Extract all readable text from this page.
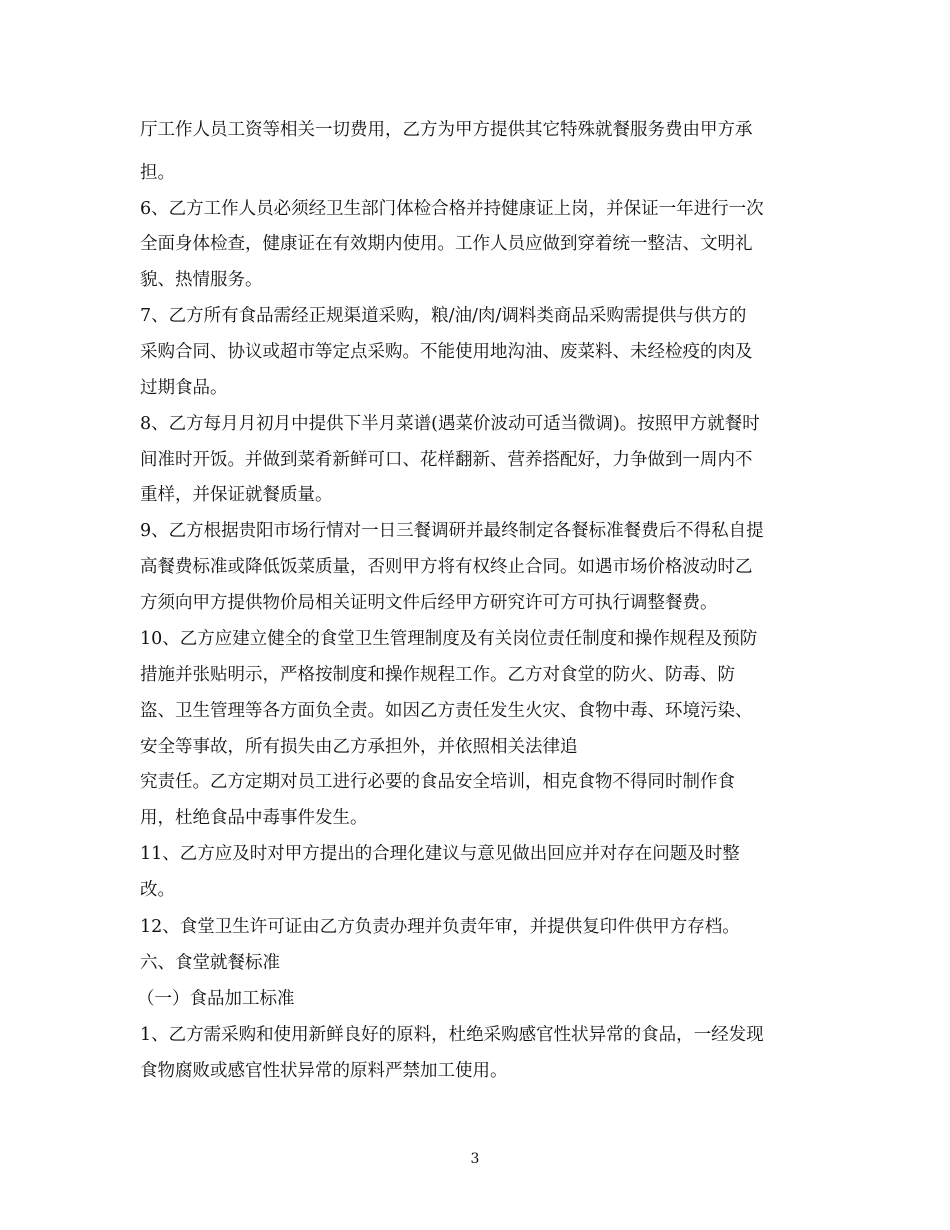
厅工作人员工资等相关一切费用，乙方为甲方提供其它特殊就餐服务费由甲方承
担。
6、乙方工作人员必须经卫生部门体检合格并持健康证上岗，并保证一年进行一次
全面身体检查，健康证在有效期内使用。工作人员应做到穿着统一整洁、文明礼
貌、热情服务。
7、乙方所有食品需经正规渠道采购，粮/油/肉/调料类商品采购需提供与供方的
采购合同、协议或超市等定点采购。不能使用地沟油、废菜料、未经检疫的肉及
过期食品。
8、乙方每月月初月中提供下半月菜谱(遇菜价波动可适当微调)。按照甲方就餐时
间准时开饭。并做到菜肴新鲜可口、花样翻新、营养搭配好，力争做到一周内不
重样，并保证就餐质量。
9、乙方根据贵阳市场行情对一日三餐调研并最终制定各餐标准餐费后不得私自提
高餐费标准或降低饭菜质量，否则甲方将有权终止合同。如遇市场价格波动时乙
方须向甲方提供物价局相关证明文件后经甲方研究许可方可执行调整餐费。
10、乙方应建立健全的食堂卫生管理制度及有关岗位责任制度和操作规程及预防
措施并张贴明示，严格按制度和操作规程工作。乙方对食堂的防火、防毒、防
盗、卫生管理等各方面负全责。如因乙方责任发生火灾、食物中毒、环境污染、
安全等事故，所有损失由乙方承担外，并依照相关法律追
究责任。乙方定期对员工进行必要的食品安全培训，相克食物不得同时制作食
用，杜绝食品中毒事件发生。
11、乙方应及时对甲方提出的合理化建议与意见做出回应并对存在问题及时整
改。
12、食堂卫生许可证由乙方负责办理并负责年审，并提供复印件供甲方存档。
六、食堂就餐标准
（一）食品加工标准
1、乙方需采购和使用新鲜良好的原料，杜绝采购感官性状异常的食品，一经发现
食物腐败或感官性状异常的原料严禁加工使用。
3
